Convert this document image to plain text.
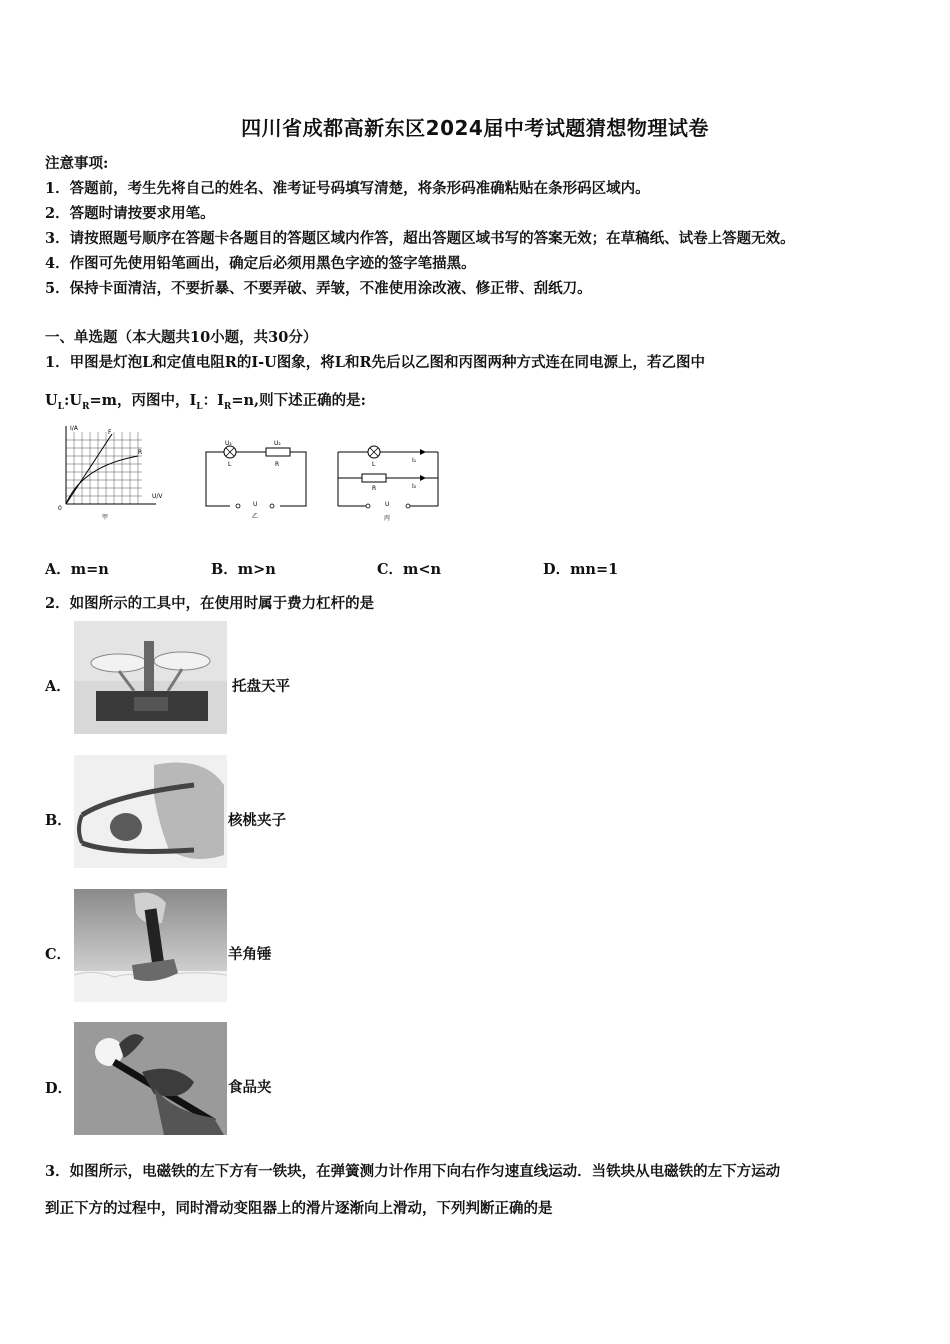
四川省成都高新东区2024届中考试题猜想物理试卷
注意事项:
1．答题前，考生先将自己的姓名、准考证号码填写清楚，将条形码准确粘贴在条形码区域内。
2．答题时请按要求用笔。
3．请按照题号顺序在答题卡各题目的答题区域内作答，超出答题区域书写的答案无效；在草稿纸、试卷上答题无效。
4．作图可先使用铅笔画出，确定后必须用黑色字迹的签字笔描黑。
5．保持卡面清洁，不要折暴、不要弄破、弄皱，不准使用涂改液、修正带、刮纸刀。
一、单选题（本大题共10小题，共30分）
1．甲图是灯泡L和定值电阻R的I-U图象，将L和R先后以乙图和丙图两种方式连在同电源上，若乙图中
$U_L:U_R=m$，丙图中，$I_L$：$I_R=n$,则下述正确的是:
I/A
U/V
0
F
R
甲
U₁	U₂
L	R
U
乙
L
R
I₁
I₂
U
丙
A．m=n	B．m>n	C．m<n	D．mn=1
2．如图所示的工具中，在使用时属于费力杠杆的是
A．	托盘天平
B．	核桃夹子
C．	羊角锤
D．	食品夹
3．如图所示，电磁铁的左下方有一铁块，在弹簧测力计作用下向右作匀速直线运动．当铁块从电磁铁的左下方运动
到正下方的过程中，同时滑动变阻器上的滑片逐渐向上滑动，下列判断正确的是
